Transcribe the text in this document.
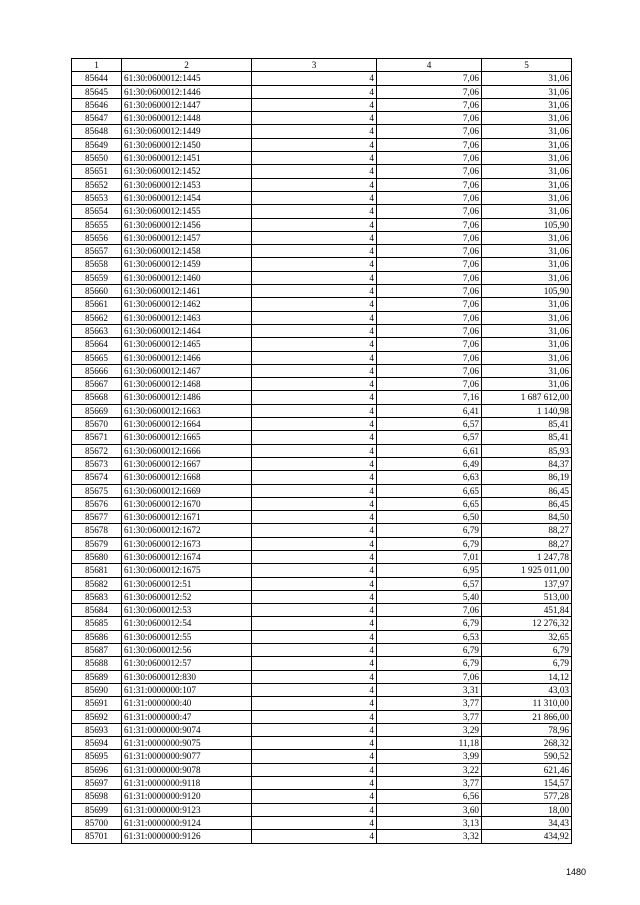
1	2	3	4	5
85644	61:30:0600012:1445	4	7,06	31,06
85645	61:30:0600012:1446	4	7,06	31,06
85646	61:30:0600012:1447	4	7,06	31,06
85647	61:30:0600012:1448	4	7,06	31,06
85648	61:30:0600012:1449	4	7,06	31,06
85649	61:30:0600012:1450	4	7,06	31,06
85650	61:30:0600012:1451	4	7,06	31,06
85651	61:30:0600012:1452	4	7,06	31,06
85652	61:30:0600012:1453	4	7,06	31,06
85653	61:30:0600012:1454	4	7,06	31,06
85654	61:30:0600012:1455	4	7,06	31,06
85655	61:30:0600012:1456	4	7,06	105,90
85656	61:30:0600012:1457	4	7,06	31,06
85657	61:30:0600012:1458	4	7,06	31,06
85658	61:30:0600012:1459	4	7,06	31,06
85659	61:30:0600012:1460	4	7,06	31,06
85660	61:30:0600012:1461	4	7,06	105,90
85661	61:30:0600012:1462	4	7,06	31,06
85662	61:30:0600012:1463	4	7,06	31,06
85663	61:30:0600012:1464	4	7,06	31,06
85664	61:30:0600012:1465	4	7,06	31,06
85665	61:30:0600012:1466	4	7,06	31,06
85666	61:30:0600012:1467	4	7,06	31,06
85667	61:30:0600012:1468	4	7,06	31,06
85668	61:30:0600012:1486	4	7,16	1 687 612,00
85669	61:30:0600012:1663	4	6,41	1 140,98
85670	61:30:0600012:1664	4	6,57	85,41
85671	61:30:0600012:1665	4	6,57	85,41
85672	61:30:0600012:1666	4	6,61	85,93
85673	61:30:0600012:1667	4	6,49	84,37
85674	61:30:0600012:1668	4	6,63	86,19
85675	61:30:0600012:1669	4	6,65	86,45
85676	61:30:0600012:1670	4	6,65	86,45
85677	61:30:0600012:1671	4	6,50	84,50
85678	61:30:0600012:1672	4	6,79	88,27
85679	61:30:0600012:1673	4	6,79	88,27
85680	61:30:0600012:1674	4	7,01	1 247,78
85681	61:30:0600012:1675	4	6,95	1 925 011,00
85682	61:30:0600012:51	4	6,57	137,97
85683	61:30:0600012:52	4	5,40	513,00
85684	61:30:0600012:53	4	7,06	451,84
85685	61:30:0600012:54	4	6,79	12 276,32
85686	61:30:0600012:55	4	6,53	32,65
85687	61:30:0600012:56	4	6,79	6,79
85688	61:30:0600012:57	4	6,79	6,79
85689	61:30:0600012:830	4	7,06	14,12
85690	61:31:0000000:107	4	3,31	43,03
85691	61:31:0000000:40	4	3,77	11 310,00
85692	61:31:0000000:47	4	3,77	21 866,00
85693	61:31:0000000:9074	4	3,29	78,96
85694	61:31:0000000:9075	4	11,18	268,32
85695	61:31:0000000:9077	4	3,99	590,52
85696	61:31:0000000:9078	4	3,22	621,46
85697	61:31:0000000:9118	4	3,77	154,57
85698	61:31:0000000:9120	4	6,56	577,28
85699	61:31:0000000:9123	4	3,60	18,00
85700	61:31:0000000:9124	4	3,13	34,43
85701	61:31:0000000:9126	4	3,32	434,92
1480
